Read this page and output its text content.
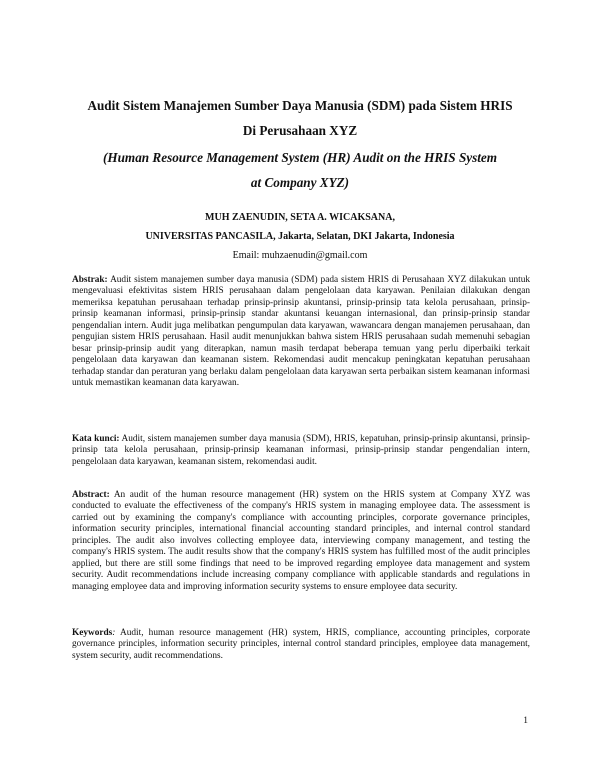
Audit Sistem Manajemen Sumber Daya Manusia (SDM) pada Sistem HRIS
Di Perusahaan XYZ

(Human Resource Management System (HR) Audit on the HRIS System
at Company XYZ)

MUH ZAENUDIN, SETA A. WICAKSANA,
UNIVERSITAS PANCASILA, Jakarta, Selatan, DKI Jakarta, Indonesia
Email: muhzaenudin@gmail.com

Abstrak: Audit sistem manajemen sumber daya manusia (SDM) pada sistem HRIS di Perusahaan XYZ dilakukan untuk mengevaluasi efektivitas sistem HRIS perusahaan dalam pengelolaan data karyawan. Penilaian dilakukan dengan memeriksa kepatuhan perusahaan terhadap prinsip-prinsip akuntansi, prinsip-prinsip tata kelola perusahaan, prinsip-prinsip keamanan informasi, prinsip-prinsip standar akuntansi keuangan internasional, dan prinsip-prinsip standar pengendalian intern. Audit juga melibatkan pengumpulan data karyawan, wawancara dengan manajemen perusahaan, dan pengujian sistem HRIS perusahaan. Hasil audit menunjukkan bahwa sistem HRIS perusahaan sudah memenuhi sebagian besar prinsip-prinsip audit yang diterapkan, namun masih terdapat beberapa temuan yang perlu diperbaiki terkait pengelolaan data karyawan dan keamanan sistem. Rekomendasi audit mencakup peningkatan kepatuhan perusahaan terhadap standar dan peraturan yang berlaku dalam pengelolaan data karyawan serta perbaikan sistem keamanan informasi untuk memastikan keamanan data karyawan.

Kata kunci: Audit, sistem manajemen sumber daya manusia (SDM), HRIS, kepatuhan, prinsip-prinsip akuntansi, prinsip-prinsip tata kelola perusahaan, prinsip-prinsip keamanan informasi, prinsip-prinsip standar pengendalian intern, pengelolaan data karyawan, keamanan sistem, rekomendasi audit.

Abstract: An audit of the human resource management (HR) system on the HRIS system at Company XYZ was conducted to evaluate the effectiveness of the company's HRIS system in managing employee data. The assessment is carried out by examining the company's compliance with accounting principles, corporate governance principles, information security principles, international financial accounting standard principles, and internal control standard principles. The audit also involves collecting employee data, interviewing company management, and testing the company's HRIS system. The audit results show that the company's HRIS system has fulfilled most of the audit principles applied, but there are still some findings that need to be improved regarding employee data management and system security. Audit recommendations include increasing company compliance with applicable standards and regulations in managing employee data and improving information security systems to ensure employee data security.

Keywords: Audit, human resource management (HR) system, HRIS, compliance, accounting principles, corporate governance principles, information security principles, internal control standard principles, employee data management, system security, audit recommendations.

1
